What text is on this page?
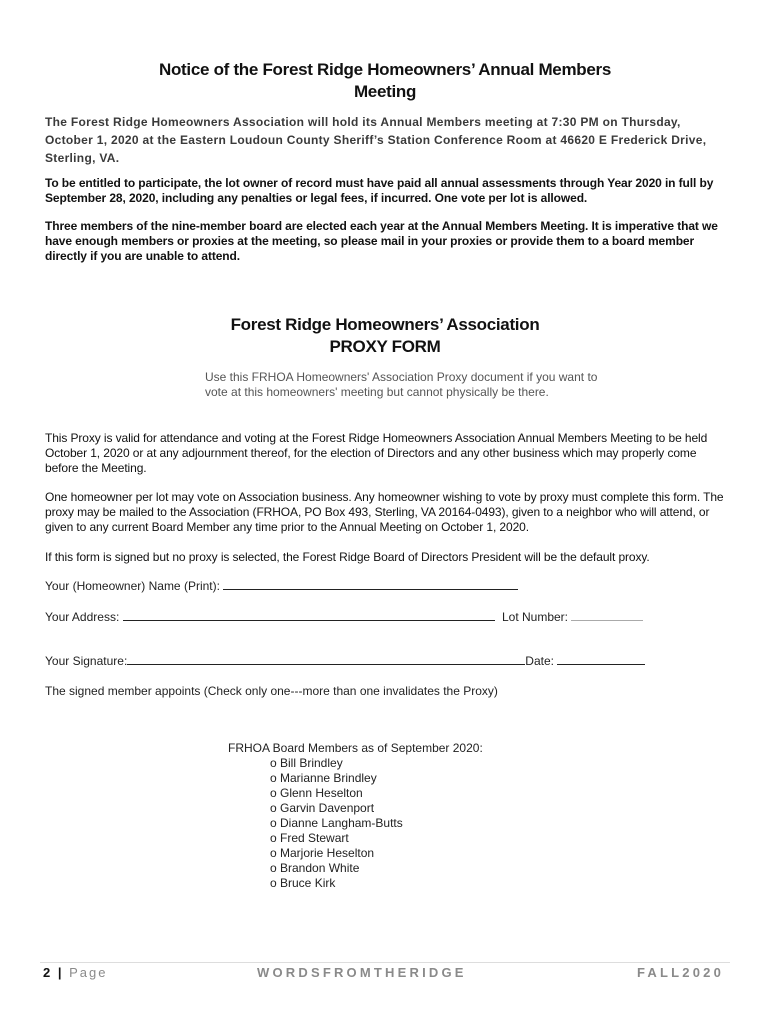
Notice of the Forest Ridge Homeowners’ Annual Members
Meeting
The Forest Ridge Homeowners Association will hold its Annual Members meeting at 7:30 PM on Thursday, October 1, 2020 at the Eastern Loudoun County Sheriff’s Station Conference Room at 46620 E Frederick Drive, Sterling, VA.
To be entitled to participate, the lot owner of record must have paid all annual assessments through Year 2020 in full by September 28, 2020, including any penalties or legal fees, if incurred. One vote per lot is allowed.
Three members of the nine-member board are elected each year at the Annual Members Meeting. It is imperative that we have enough members or proxies at the meeting, so please mail in your proxies or provide them to a board member directly if you are unable to attend.
Forest Ridge Homeowners’ Association
PROXY FORM
Use this FRHOA Homeowners' Association Proxy document if you want to vote at this homeowners' meeting but cannot physically be there.
This Proxy is valid for attendance and voting at the Forest Ridge Homeowners Association Annual Members Meeting to be held October 1, 2020 or at any adjournment thereof, for the election of Directors and any other business which may properly come before the Meeting.
One homeowner per lot may vote on Association business. Any homeowner wishing to vote by proxy must complete this form. The proxy may be mailed to the Association (FRHOA, PO Box 493, Sterling, VA 20164-0493), given to a neighbor who will attend, or given to any current Board Member any time prior to the Annual Meeting on October 1, 2020.
If this form is signed but no proxy is selected, the Forest Ridge Board of Directors President will be the default proxy.
Your (Homeowner) Name (Print):
Your Address:	Lot Number:
Your Signature:	Date:
The signed member appoints (Check only one---more than one invalidates the Proxy)
FRHOA Board Members as of September 2020:
o Bill Brindley
o Marianne Brindley
o Glenn Heselton
o Garvin Davenport
o Dianne Langham-Butts
o Fred Stewart
o Marjorie Heselton
o Brandon White
o Bruce Kirk
2 | Page	WORDSFROMTHERIDGE	FALL2020
